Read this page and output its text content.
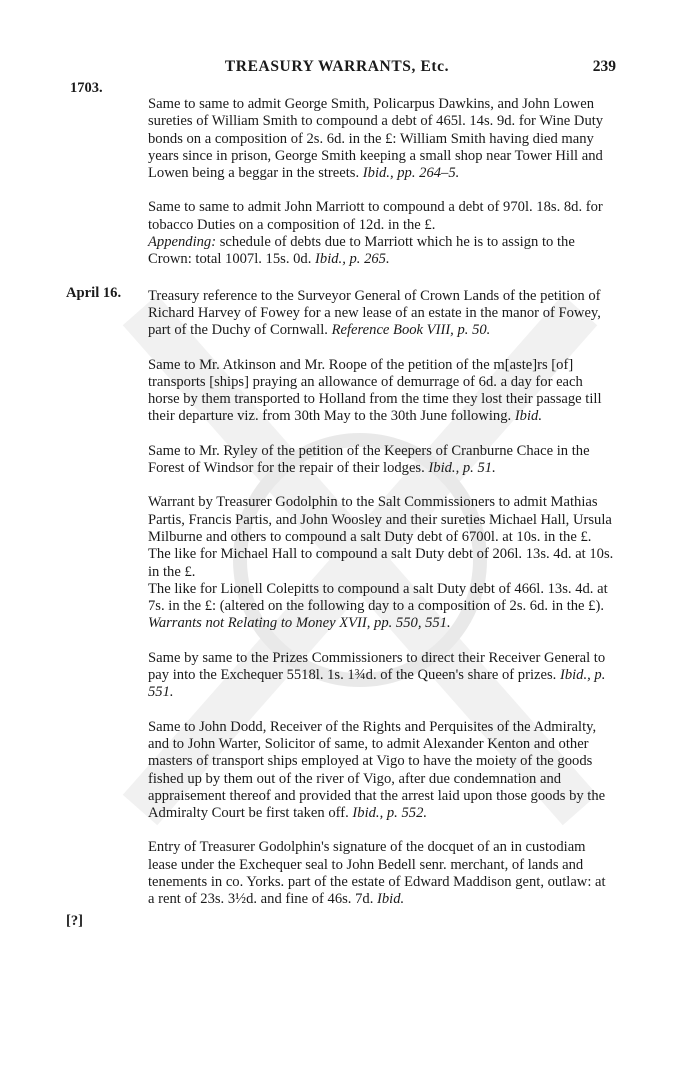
TREASURY WARRANTS, Etc.	239
1703.
April 16.
[?]

Same to same to admit George Smith, Policarpus Dawkins, and John Lowen sureties of William Smith to compound a debt of 465l. 14s. 9d. for Wine Duty bonds on a composition of 2s. 6d. in the £: William Smith having died many years since in prison, George Smith keeping a small shop near Tower Hill and Lowen being a beggar in the streets. Ibid., pp. 264–5.

Same to same to admit John Marriott to compound a debt of 970l. 18s. 8d. for tobacco Duties on a composition of 12d. in the £.
Appending: schedule of debts due to Marriott which he is to assign to the Crown: total 1007l. 15s. 0d. Ibid., p. 265.

Treasury reference to the Surveyor General of Crown Lands of the petition of Richard Harvey of Fowey for a new lease of an estate in the manor of Fowey, part of the Duchy of Cornwall. Reference Book VIII, p. 50.

Same to Mr. Atkinson and Mr. Roope of the petition of the m[aste]rs [of] transports [ships] praying an allowance of demurrage of 6d. a day for each horse by them transported to Holland from the time they lost their passage till their departure viz. from 30th May to the 30th June following. Ibid.

Same to Mr. Ryley of the petition of the Keepers of Cranburne Chace in the Forest of Windsor for the repair of their lodges. Ibid., p. 51.

Warrant by Treasurer Godolphin to the Salt Commissioners to admit Mathias Partis, Francis Partis, and John Woosley and their sureties Michael Hall, Ursula Milburne and others to compound a salt Duty debt of 6700l. at 10s. in the £.
The like for Michael Hall to compound a salt Duty debt of 206l. 13s. 4d. at 10s. in the £.
The like for Lionell Colepitts to compound a salt Duty debt of 466l. 13s. 4d. at 7s. in the £: (altered on the following day to a composition of 2s. 6d. in the £). Warrants not Relating to Money XVII, pp. 550, 551.

Same by same to the Prizes Commissioners to direct their Receiver General to pay into the Exchequer 5518l. 1s. 1¾d. of the Queen's share of prizes. Ibid., p. 551.

Same to John Dodd, Receiver of the Rights and Perquisites of the Admiralty, and to John Warter, Solicitor of same, to admit Alexander Kenton and other masters of transport ships employed at Vigo to have the moiety of the goods fished up by them out of the river of Vigo, after due condemnation and appraisement thereof and provided that the arrest laid upon those goods by the Admiralty Court be first taken off. Ibid., p. 552.

Entry of Treasurer Godolphin's signature of the docquet of an in custodiam lease under the Exchequer seal to John Bedell senr. merchant, of lands and tenements in co. Yorks. part of the estate of Edward Maddison gent, outlaw: at a rent of 23s. 3½d. and fine of 46s. 7d. Ibid.
